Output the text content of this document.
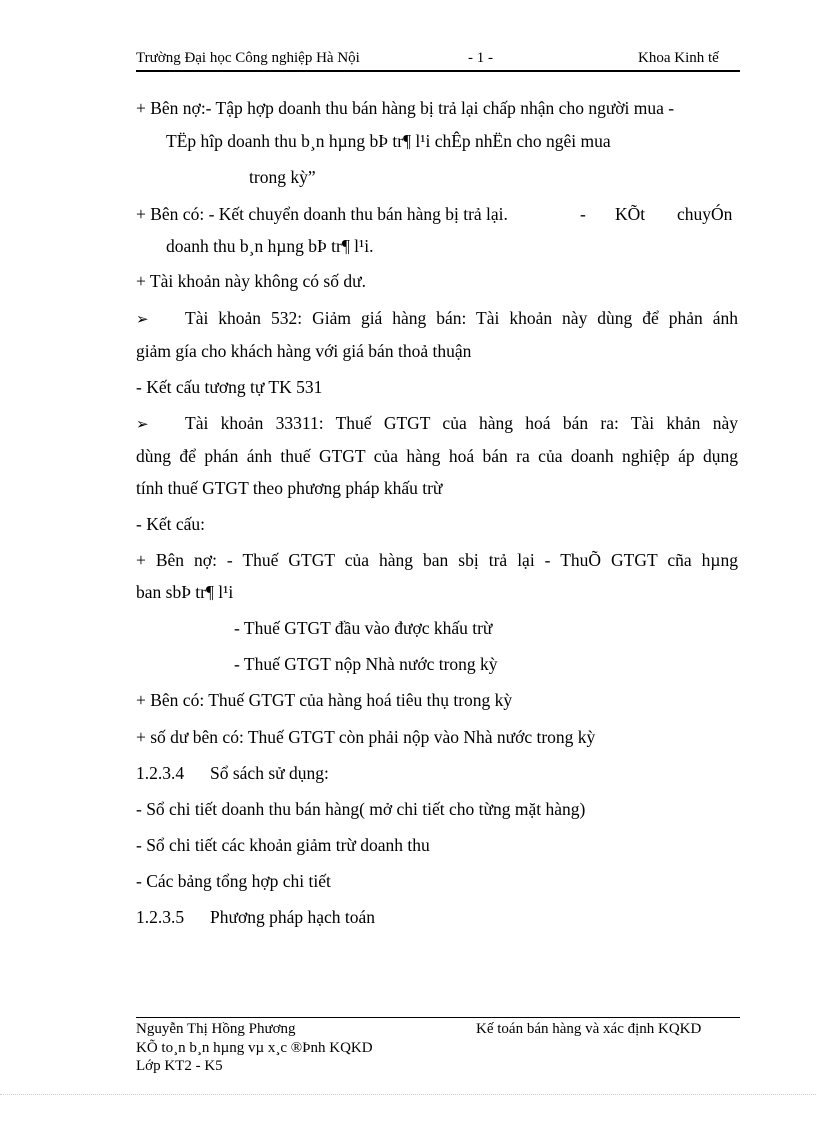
Trường Đại học Công nghiệp Hà Nội	- 1 -	Khoa Kinh tế
+ Bên nợ:- Tập hợp doanh thu bán hàng bị trả lại chấp nhận cho người mua -
TËp hîp doanh thu b¸n hµng bÞ tr¶ l¹i chÊp nhËn cho ngêi mua
trong kỳ”
+ Bên có: - Kết chuyển doanh thu bán hàng bị trả lại.	- KÕt chuyÓn
doanh thu b¸n hµng bÞ tr¶ l¹i.
+ Tài khoản này không có số dư.
➢ Tài khoản 532: Giảm giá hàng bán: Tài khoản này dùng để phản ánh
giảm gía cho khách hàng với giá bán thoả thuận
- Kết cấu tương tự TK 531
➢ Tài khoản 33311: Thuế GTGT của hàng hoá bán ra: Tài khản này
dùng để phán ánh thuế GTGT của hàng hoá bán ra của doanh nghiệp áp dụng
tính thuế GTGT theo phương pháp khấu trừ
- Kết cấu:
+ Bên nợ: - Thuế GTGT của hàng ban sbị trả lại - ThuÕ GTGT cña hµng
ban sbÞ tr¶ l¹i
- Thuế GTGT đầu vào được khấu trừ
- Thuế GTGT nộp Nhà nước trong kỳ
+ Bên có: Thuế GTGT của hàng hoá tiêu thụ trong kỳ
+ số dư bên có: Thuế GTGT còn phải nộp vào Nhà nước trong kỳ
1.2.3.4 Sổ sách sử dụng:
- Sổ chi tiết doanh thu bán hàng( mở chi tiết cho từng mặt hàng)
- Sổ chi tiết các khoản giảm trừ doanh thu
- Các bảng tổng hợp chi tiết
1.2.3.5 Phương pháp hạch toán
Nguyễn Thị Hồng Phương	Kế toán bán hàng và xác định KQKD
KÕ to¸n b¸n hµng vµ x¸c ®Þnh KQKD
Lớp KT2 - K5
